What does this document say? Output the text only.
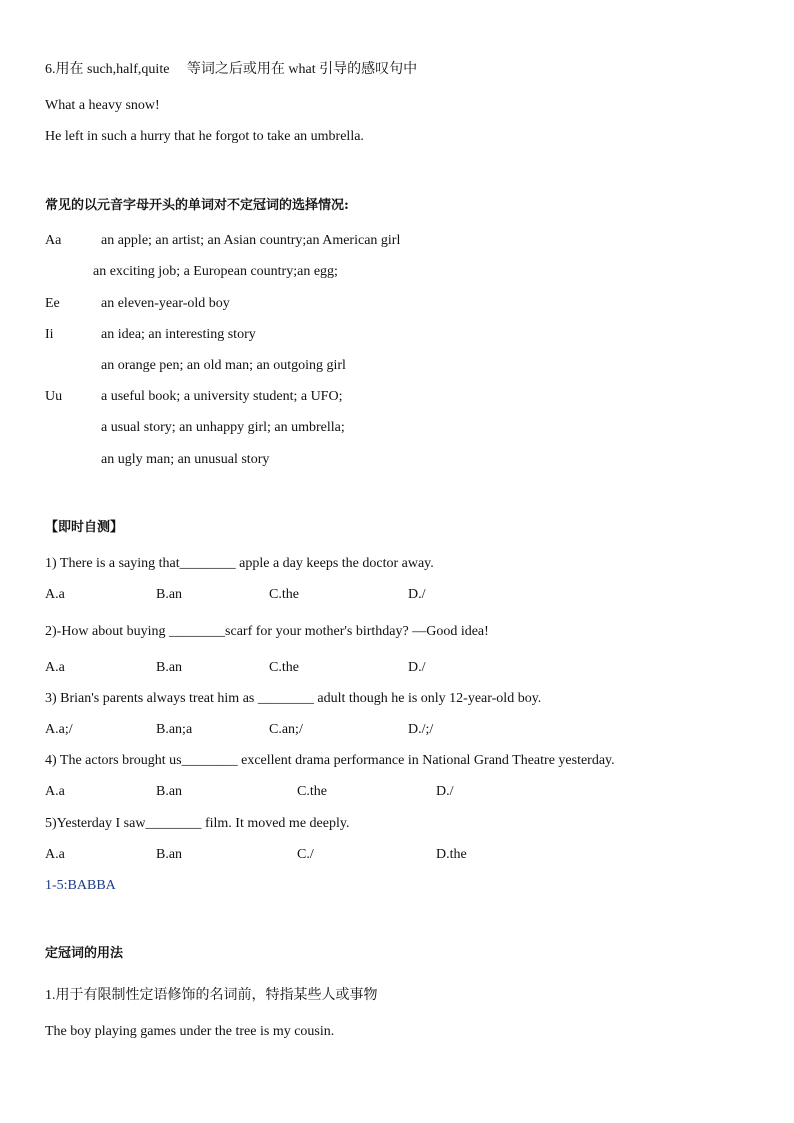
6.用在 such,half,quite　 等词之后或用在 what 引导的感叹句中
What a heavy snow!
He left in such a hurry that he forgot to take an umbrella.
常见的以元音字母开头的单词对不定冠词的选择情况:
Aa	an apple; an artist; an Asian country;an American girl
an exciting job; a European country;an egg;
Ee	an eleven-year-old boy
Ii	an idea; an interesting story
an orange pen; an old man; an outgoing girl
Uu	a useful book; a university student; a UFO;
a usual story; an unhappy girl; an umbrella;
an ugly man; an unusual story
【即时自测】
1) There is a saying that________ apple a day keeps the doctor away.
A.a	B.an	C.the	D./
2)-How about buying ________scarf for your mother's birthday? ―Good idea!
A.a	B.an	C.the	D./
3) Brian's parents always treat him as ________ adult though he is only 12-year-old boy.
A.a;/	B.an;a	C.an;/	D./;/
4) The actors brought us________ excellent drama performance in National Grand Theatre yesterday.
A.a	B.an	C.the	D./
5)Yesterday I saw________ film. It moved me deeply.
A.a	B.an	C./	D.the
1-5:BABBA
定冠词的用法
1.用于有限制性定语修饰的名词前，特指某些人或事物
The boy playing games under the tree is my cousin.
